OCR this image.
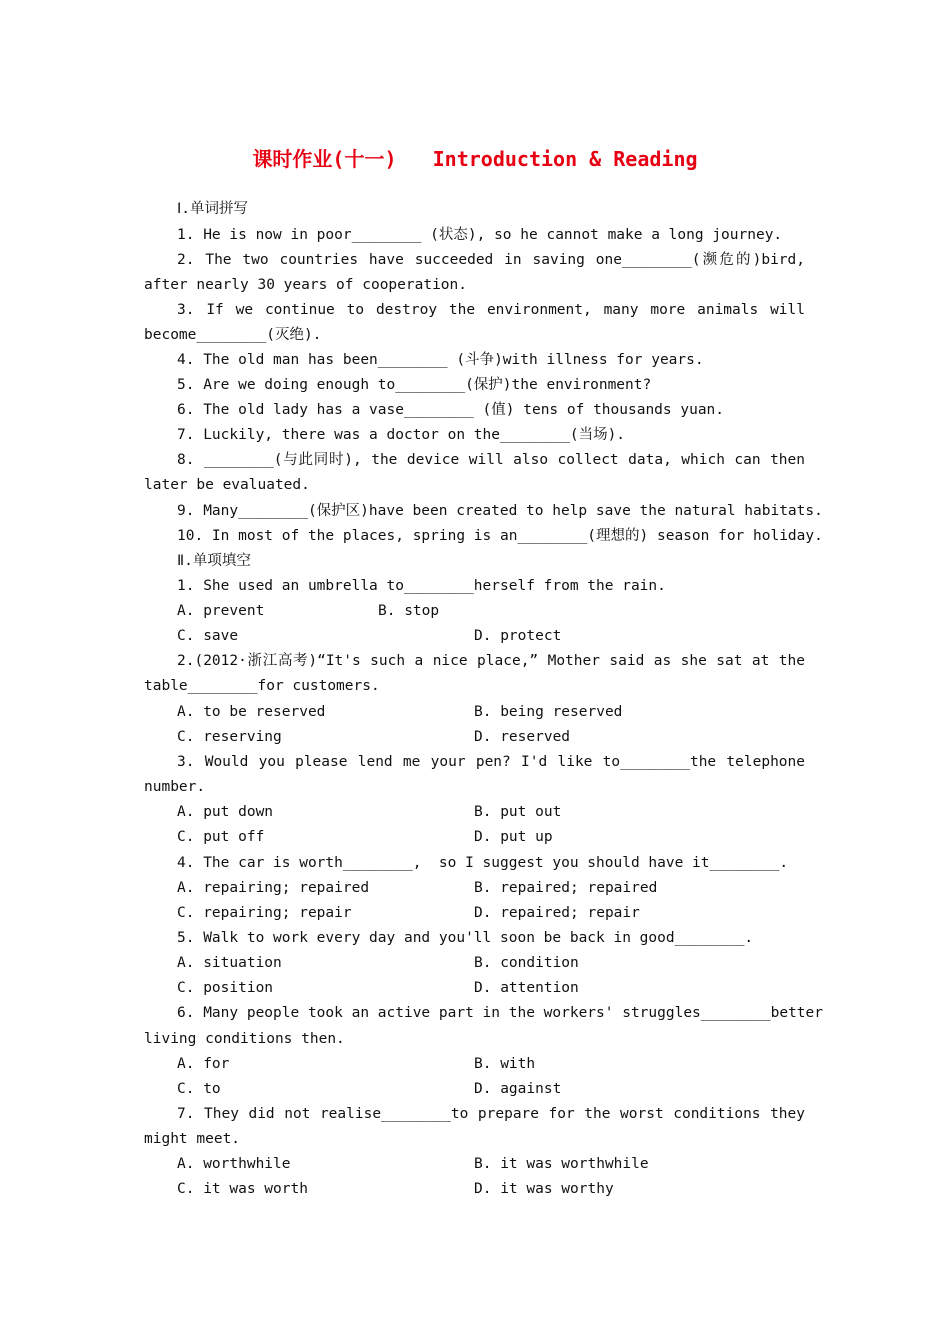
课时作业(十一)   Introduction & Reading
Ⅰ.单词拼写
1. He is now in poor________ (状态), so he cannot make a long journey.
2. The two countries have succeeded in saving one________(濒危的)bird,
after nearly 30 years of cooperation.
3. If we continue to destroy the environment, many more animals will
become________(灭绝).
4. The old man has been________ (斗争)with illness for years.
5. Are we doing enough to________(保护)the environment?
6. The old lady has a vase________ (值) tens of thousands yuan.
7. Luckily, there was a doctor on the________(当场).
8. ________(与此同时), the device will also collect data, which can then
later be evaluated.
9. Many________(保护区)have been created to help save the natural habitats.
10. In most of the places, spring is an________(理想的) season for holiday.
Ⅱ.单项填空
1. She used an umbrella to________herself from the rain.
A. prevent	B. stop
C. save	D. protect
2.(2012·浙江高考)“It's such a nice place,” Mother said as she sat at the
table________for customers.
A. to be reserved	B. being reserved
C. reserving	D. reserved
3. Would you please lend me your pen? I'd like to________the telephone
number.
A. put down	B. put out
C. put off	D. put up
4. The car is worth________,  so I suggest you should have it________.
A. repairing; repaired	B. repaired; repaired
C. repairing; repair	D. repaired; repair
5. Walk to work every day and you'll soon be back in good________.
A. situation	B. condition
C. position	D. attention
6. Many people took an active part in the workers' struggles________better
living conditions then.
A. for	B. with
C. to	D. against
7. They did not realise________to prepare for the worst conditions they
might meet.
A. worthwhile	B. it was worthwhile
C. it was worth	D. it was worthy
